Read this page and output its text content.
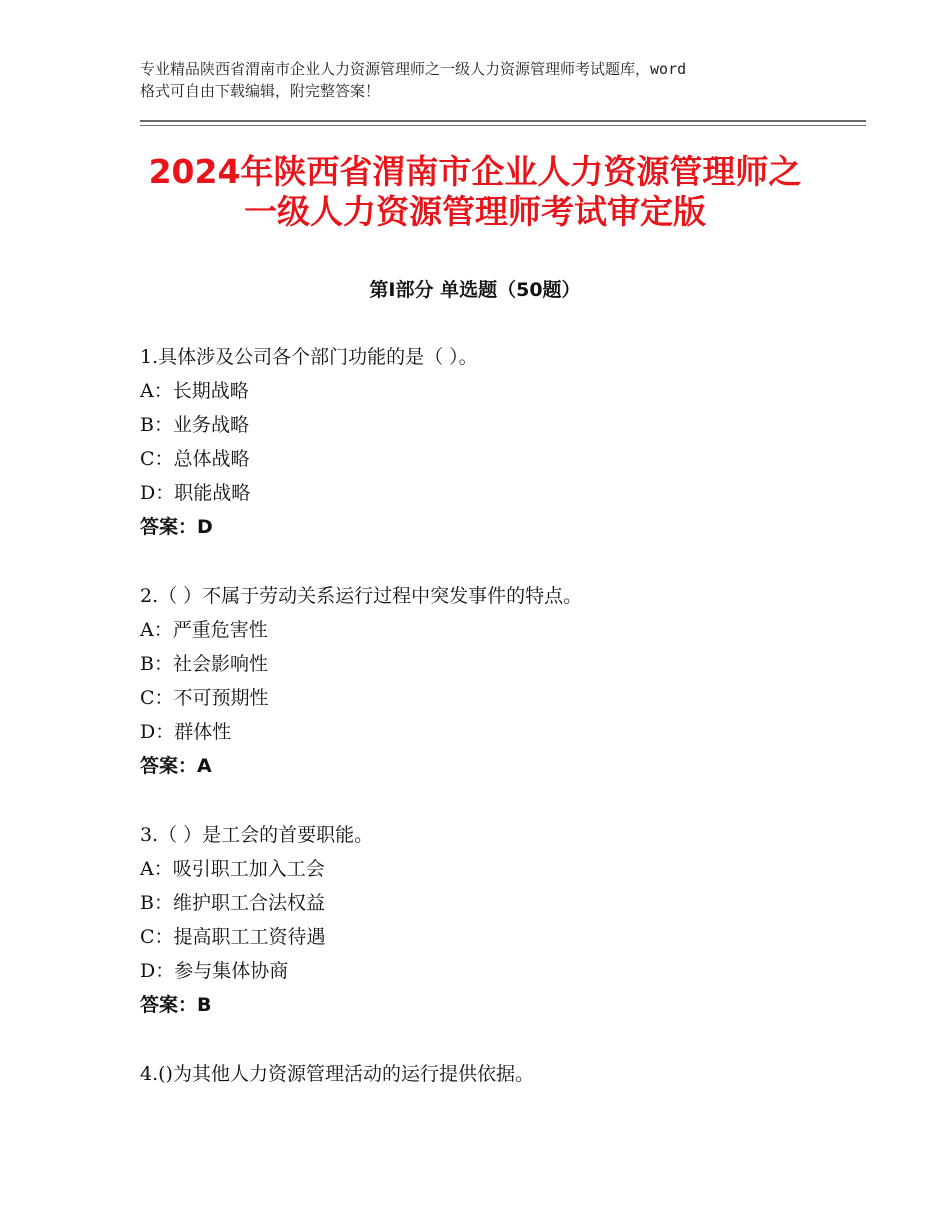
专业精品陕西省渭南市企业人力资源管理师之一级人力资源管理师考试题库，word
格式可自由下载编辑，附完整答案！
2024年陕西省渭南市企业人力资源管理师之
一级人力资源管理师考试审定版
第Ⅰ部分 单选题（50题）
1.具体涉及公司各个部门功能的是（ ）。
A：长期战略
B：业务战略
C：总体战略
D：职能战略
答案：D
2.（ ）不属于劳动关系运行过程中突发事件的特点。
A：严重危害性
B：社会影响性
C：不可预期性
D：群体性
答案：A
3.（ ）是工会的首要职能。
A：吸引职工加入工会
B：维护职工合法权益
C：提高职工工资待遇
D：参与集体协商
答案：B
4.()为其他人力资源管理活动的运行提供依据。
